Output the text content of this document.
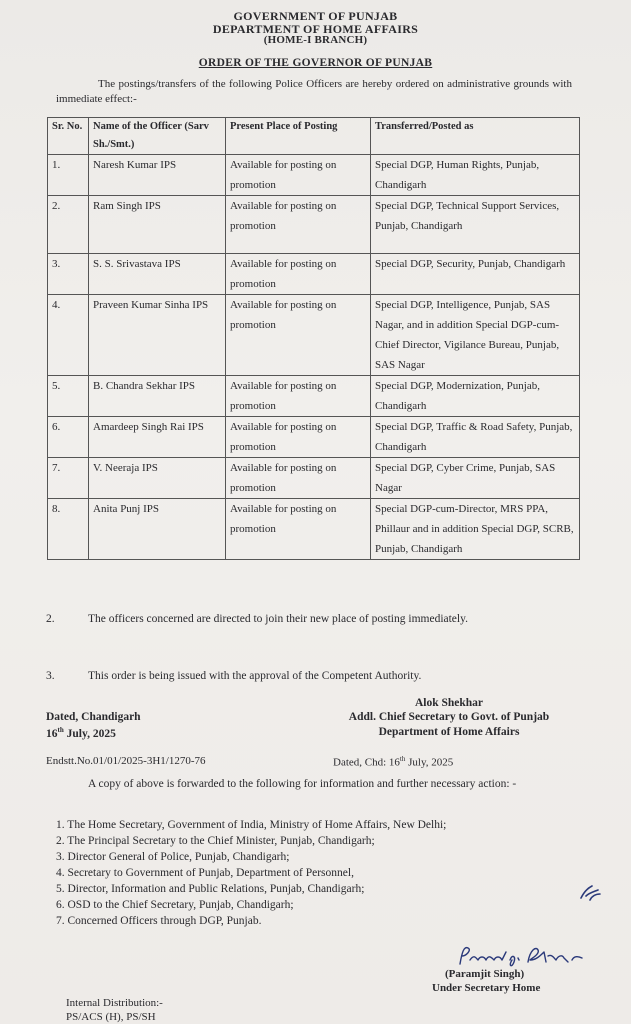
GOVERNMENT OF PUNJAB
DEPARTMENT OF HOME AFFAIRS
(HOME-I BRANCH)
ORDER OF THE GOVERNOR OF PUNJAB
The postings/transfers of the following Police Officers are hereby ordered on administrative grounds with immediate effect:-
Sr. No.	Name of the Officer (Sarv Sh./Smt.)	Present Place of Posting	Transferred/Posted as
1.	Naresh Kumar IPS	Available for posting on promotion	Special DGP, Human Rights, Punjab, Chandigarh
2.	Ram Singh IPS	Available for posting on promotion	Special DGP, Technical Support Services, Punjab, Chandigarh
3.	S. S. Srivastava IPS	Available for posting on promotion	Special DGP, Security, Punjab, Chandigarh
4.	Praveen Kumar Sinha IPS	Available for posting on promotion	Special DGP, Intelligence, Punjab, SAS Nagar, and in addition Special DGP-cum-Chief Director, Vigilance Bureau, Punjab, SAS Nagar
5.	B. Chandra Sekhar IPS	Available for posting on promotion	Special DGP, Modernization, Punjab, Chandigarh
6.	Amardeep Singh Rai IPS	Available for posting on promotion	Special DGP, Traffic & Road Safety, Punjab, Chandigarh
7.	V. Neeraja IPS	Available for posting on promotion	Special DGP, Cyber Crime, Punjab, SAS Nagar
8.	Anita Punj IPS	Available for posting on promotion	Special DGP-cum-Director, MRS PPA, Phillaur and in addition Special DGP, SCRB, Punjab, Chandigarh
2.	The officers concerned are directed to join their new place of posting immediately.
3.	This order is being issued with the approval of the Competent Authority.
Alok Shekhar
Addl. Chief Secretary to Govt. of Punjab
Department of Home Affairs
Dated, Chandigarh
16th July, 2025
Endstt.No.01/01/2025-3H1/1270-76	Dated, Chd: 16th July, 2025
A copy of above is forwarded to the following for information and further necessary action: -
1. The Home Secretary, Government of India, Ministry of Home Affairs, New Delhi;
2. The Principal Secretary to the Chief Minister, Punjab, Chandigarh;
3. Director General of Police, Punjab, Chandigarh;
4. Secretary to Government of Punjab, Department of Personnel,
5. Director, Information and Public Relations, Punjab, Chandigarh;
6. OSD to the Chief Secretary, Punjab, Chandigarh;
7. Concerned Officers through DGP, Punjab.
(Paramjit Singh)
Under Secretary Home
Internal Distribution:-
PS/ACS (H), PS/SH
